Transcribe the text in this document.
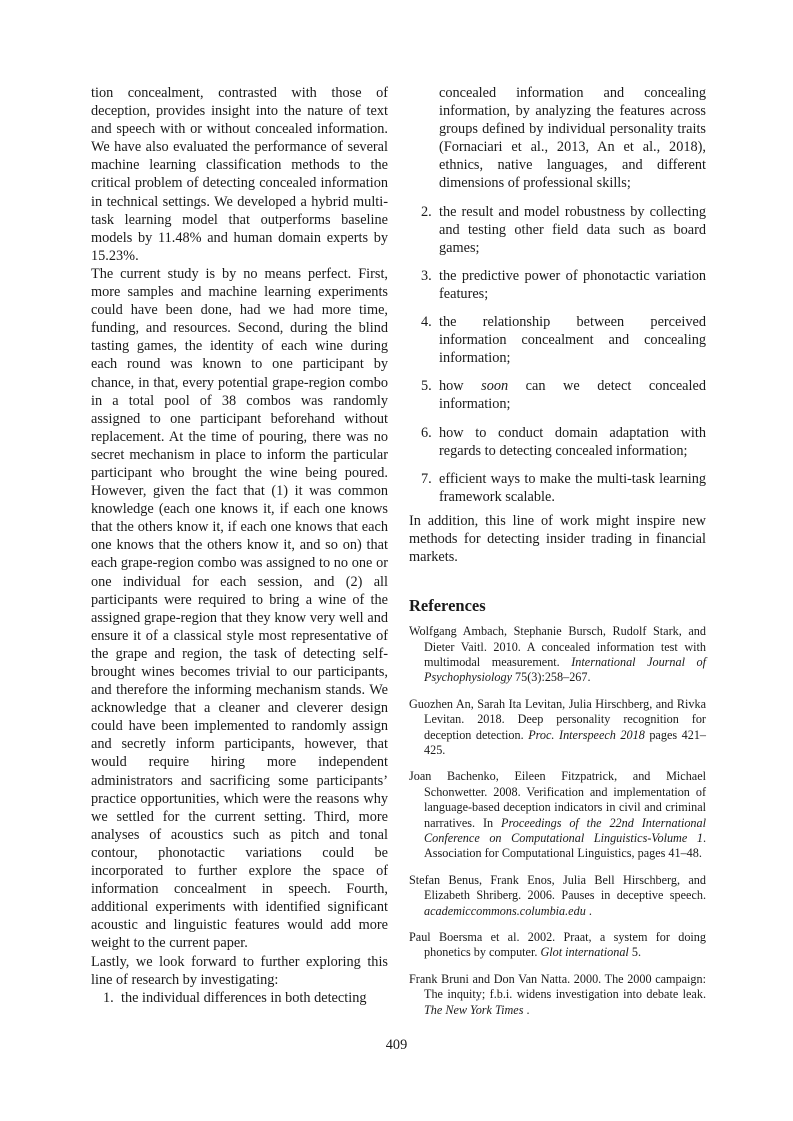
tion concealment, contrasted with those of deception, provides insight into the nature of text and speech with or without concealed information. We have also evaluated the performance of several machine learning classification methods to the critical problem of detecting concealed information in technical settings. We developed a hybrid multi-task learning model that outperforms baseline models by 11.48% and human domain experts by 15.23%.

The current study is by no means perfect. First, more samples and machine learning experiments could have been done, had we had more time, funding, and resources. Second, during the blind tasting games, the identity of each wine during each round was known to one participant by chance, in that, every potential grape-region combo in a total pool of 38 combos was randomly assigned to one participant beforehand without replacement. At the time of pouring, there was no secret mechanism in place to inform the particular participant who brought the wine being poured. However, given the fact that (1) it was common knowledge (each one knows it, if each one knows that the others know it, if each one knows that each one knows that the others know it, and so on) that each grape-region combo was assigned to no one or one individual for each session, and (2) all participants were required to bring a wine of the assigned grape-region that they know very well and ensure it of a classical style most representative of the grape and region, the task of detecting self-brought wines becomes trivial to our participants, and therefore the informing mechanism stands. We acknowledge that a cleaner and cleverer design could have been implemented to randomly assign and secretly inform participants, however, that would require hiring more independent administrators and sacrificing some participants’ practice opportunities, which were the reasons why we settled for the current setting. Third, more analyses of acoustics such as pitch and tonal contour, phonotactic variations could be incorporated to further explore the space of information concealment in speech. Fourth, additional experiments with identified significant acoustic and linguistic features would add more weight to the current paper.

Lastly, we look forward to further exploring this line of research by investigating:

1. the individual differences in both detecting

concealed information and concealing information, by analyzing the features across groups defined by individual personality traits (Fornaciari et al., 2013, An et al., 2018), ethnics, native languages, and different dimensions of professional skills;

2. the result and model robustness by collecting and testing other field data such as board games;
3. the predictive power of phonotactic variation features;
4. the relationship between perceived information concealment and concealing information;
5. how soon can we detect concealed information;
6. how to conduct domain adaptation with regards to detecting concealed information;
7. efficient ways to make the multi-task learning framework scalable.

In addition, this line of work might inspire new methods for detecting insider trading in financial markets.

References

Wolfgang Ambach, Stephanie Bursch, Rudolf Stark, and Dieter Vaitl. 2010. A concealed information test with multimodal measurement. International Journal of Psychophysiology 75(3):258–267.

Guozhen An, Sarah Ita Levitan, Julia Hirschberg, and Rivka Levitan. 2018. Deep personality recognition for deception detection. Proc. Interspeech 2018 pages 421–425.

Joan Bachenko, Eileen Fitzpatrick, and Michael Schonwetter. 2008. Verification and implementation of language-based deception indicators in civil and criminal narratives. In Proceedings of the 22nd International Conference on Computational Linguistics-Volume 1. Association for Computational Linguistics, pages 41–48.

Stefan Benus, Frank Enos, Julia Bell Hirschberg, and Elizabeth Shriberg. 2006. Pauses in deceptive speech. academiccommons.columbia.edu .

Paul Boersma et al. 2002. Praat, a system for doing phonetics by computer. Glot international 5.

Frank Bruni and Don Van Natta. 2000. The 2000 campaign: The inquity; f.b.i. widens investigation into debate leak. The New York Times .

409
